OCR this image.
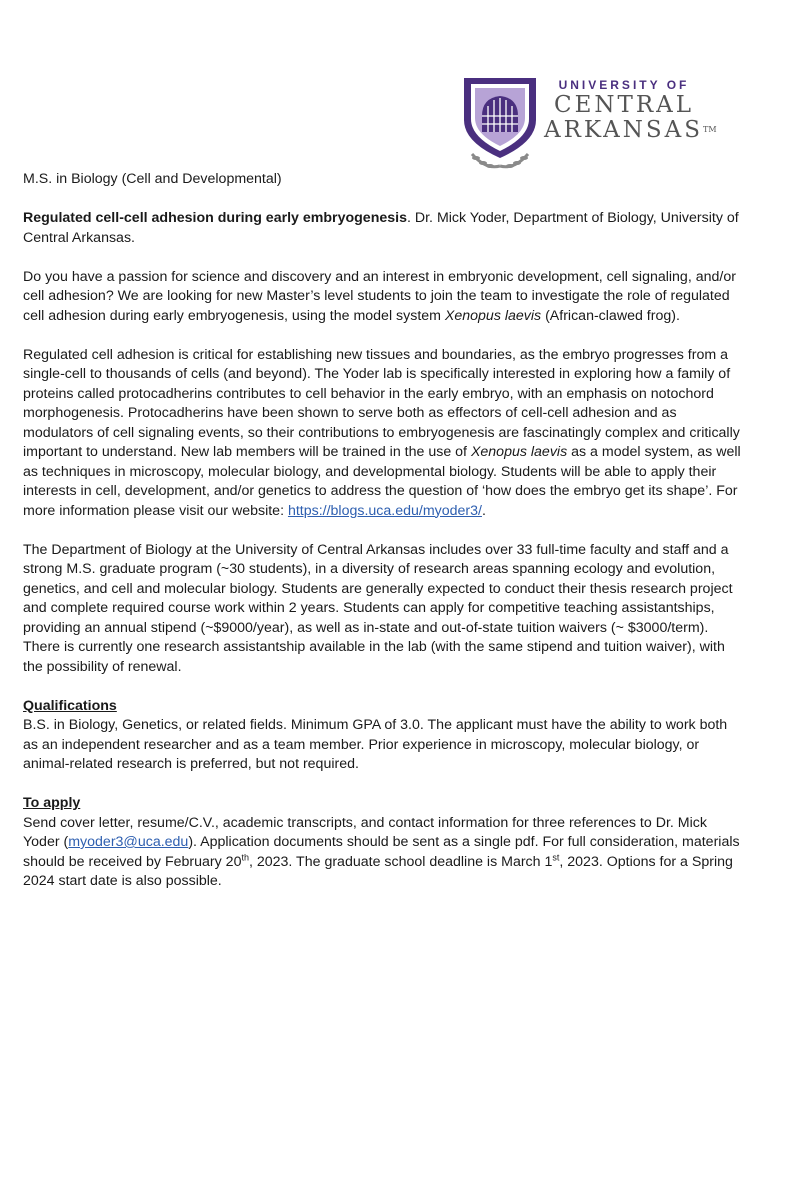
UNIVERSITY OF
CENTRAL
ARKANSAS™

M.S. in Biology (Cell and Developmental)

Regulated cell-cell adhesion during early embryogenesis. Dr. Mick Yoder, Department of Biology, University of Central Arkansas.

Do you have a passion for science and discovery and an interest in embryonic development, cell signaling, and/or cell adhesion? We are looking for new Master’s level students to join the team to investigate the role of regulated cell adhesion during early embryogenesis, using the model system Xenopus laevis (African-clawed frog).

Regulated cell adhesion is critical for establishing new tissues and boundaries, as the embryo progresses from a single-cell to thousands of cells (and beyond). The Yoder lab is specifically interested in exploring how a family of proteins called protocadherins contributes to cell behavior in the early embryo, with an emphasis on notochord morphogenesis. Protocadherins have been shown to serve both as effectors of cell-cell adhesion and as modulators of cell signaling events, so their contributions to embryogenesis are fascinatingly complex and critically important to understand. New lab members will be trained in the use of Xenopus laevis as a model system, as well as techniques in microscopy, molecular biology, and developmental biology. Students will be able to apply their interests in cell, development, and/or genetics to address the question of ‘how does the embryo get its shape’. For more information please visit our website: https://blogs.uca.edu/myoder3/.

The Department of Biology at the University of Central Arkansas includes over 33 full-time faculty and staff and a strong M.S. graduate program (~30 students), in a diversity of research areas spanning ecology and evolution, genetics, and cell and molecular biology. Students are generally expected to conduct their thesis research project and complete required course work within 2 years. Students can apply for competitive teaching assistantships, providing an annual stipend (~$9000/year), as well as in-state and out-of-state tuition waivers (~ $3000/term). There is currently one research assistantship available in the lab (with the same stipend and tuition waiver), with the possibility of renewal.

Qualifications
B.S. in Biology, Genetics, or related fields. Minimum GPA of 3.0. The applicant must have the ability to work both as an independent researcher and as a team member. Prior experience in microscopy, molecular biology, or animal-related research is preferred, but not required.

To apply
Send cover letter, resume/C.V., academic transcripts, and contact information for three references to Dr. Mick Yoder (myoder3@uca.edu). Application documents should be sent as a single pdf. For full consideration, materials should be received by February 20th, 2023. The graduate school deadline is March 1st, 2023. Options for a Spring 2024 start date is also possible.
